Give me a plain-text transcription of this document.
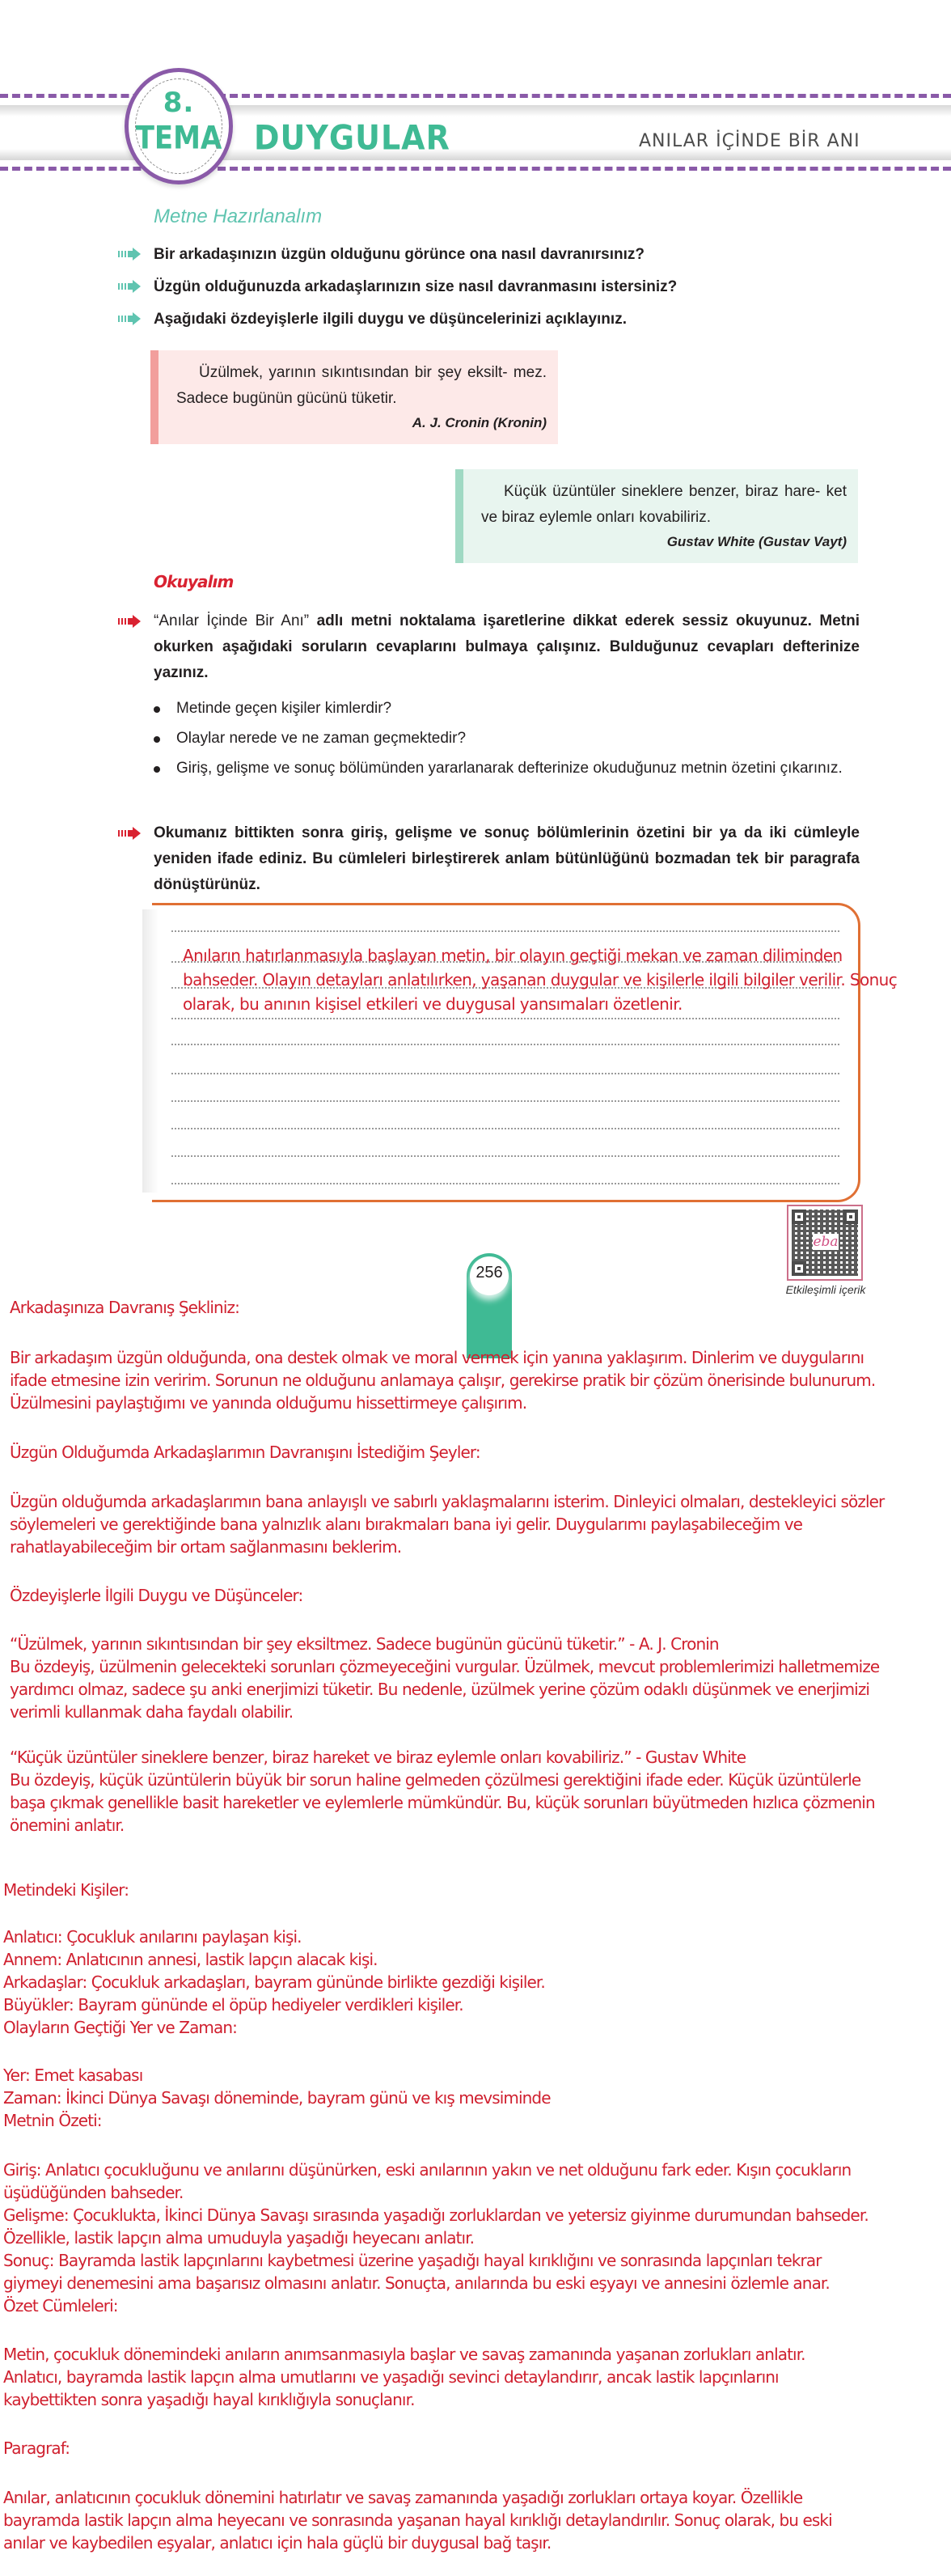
8.
TEMA DUYGULAR	ANILAR İÇİNDE BİR ANI
Metne Hazırlanalım
Bir arkadaşınızın üzgün olduğunu görünce ona nasıl davranırsınız?
Üzgün olduğunuzda arkadaşlarınızın size nasıl davranmasını istersiniz?
Aşağıdaki özdeyişlerle ilgili duygu ve düşüncelerinizi açıklayınız.
Üzülmek, yarının sıkıntısından bir şey eksilt- mez. Sadece bugünün gücünü tüketir.
A. J. Cronin (Kronin)
Küçük üzüntüler sineklere benzer, biraz hare- ket ve biraz eylemle onları kovabiliriz.
Gustav White (Gustav Vayt)
Okuyalım
“Anılar İçinde Bir Anı” adlı metni noktalama işaretlerine dikkat ederek sessiz okuyunuz. Metni okurken aşağıdaki soruların cevaplarını bulmaya çalışınız. Bulduğunuz cevapları defterinize yazınız.
Metinde geçen kişiler kimlerdir?
Olaylar nerede ve ne zaman geçmektedir?
Giriş, gelişme ve sonuç bölümünden yararlanarak defterinize okuduğunuz metnin özetini çıkarınız.
Okumanız bittikten sonra giriş, gelişme ve sonuç bölümlerinin özetini bir ya da iki cümleyle yeniden ifade ediniz. Bu cümleleri birleştirerek anlam bütünlüğünü bozmadan tek bir paragrafa dönüştürünüz.
Anıların hatırlanmasıyla başlayan metin, bir olayın geçtiği mekan ve zaman diliminden
bahseder. Olayın detayları anlatılırken, yaşanan duygular ve kişilerle ilgili bilgiler verilir. Sonuç
olarak, bu anının kişisel etkileri ve duygusal yansımaları özetlenir.
eba
Etkileşimli içerik
256
Arkadaşınıza Davranış Şekliniz:
Bir arkadaşım üzgün olduğunda, ona destek olmak ve moral vermek için yanına yaklaşırım. Dinlerim ve duygularını
ifade etmesine izin veririm. Sorunun ne olduğunu anlamaya çalışır, gerekirse pratik bir çözüm önerisinde bulunurum.
Üzülmesini paylaştığımı ve yanında olduğumu hissettirmeye çalışırım.
Üzgün Olduğumda Arkadaşlarımın Davranışını İstediğim Şeyler:
Üzgün olduğumda arkadaşlarımın bana anlayışlı ve sabırlı yaklaşmalarını isterim. Dinleyici olmaları, destekleyici sözler
söylemeleri ve gerektiğinde bana yalnızlık alanı bırakmaları bana iyi gelir. Duygularımı paylaşabileceğim ve
rahatlayabileceğim bir ortam sağlanmasını beklerim.
Özdeyişlerle İlgili Duygu ve Düşünceler:
“Üzülmek, yarının sıkıntısından bir şey eksiltmez. Sadece bugünün gücünü tüketir.” - A. J. Cronin
Bu özdeyiş, üzülmenin gelecekteki sorunları çözmeyeceğini vurgular. Üzülmek, mevcut problemlerimizi halletmemize
yardımcı olmaz, sadece şu anki enerjimizi tüketir. Bu nedenle, üzülmek yerine çözüm odaklı düşünmek ve enerjimizi
verimli kullanmak daha faydalı olabilir.
“Küçük üzüntüler sineklere benzer, biraz hareket ve biraz eylemle onları kovabiliriz.” - Gustav White
Bu özdeyiş, küçük üzüntülerin büyük bir sorun haline gelmeden çözülmesi gerektiğini ifade eder. Küçük üzüntülerle
başa çıkmak genellikle basit hareketler ve eylemlerle mümkündür. Bu, küçük sorunları büyütmeden hızlıca çözmenin
önemini anlatır.
Metindeki Kişiler:
Anlatıcı: Çocukluk anılarını paylaşan kişi.
Annem: Anlatıcının annesi, lastik lapçın alacak kişi.
Arkadaşlar: Çocukluk arkadaşları, bayram gününde birlikte gezdiği kişiler.
Büyükler: Bayram gününde el öpüp hediyeler verdikleri kişiler.
Olayların Geçtiği Yer ve Zaman:
Yer: Emet kasabası
Zaman: İkinci Dünya Savaşı döneminde, bayram günü ve kış mevsiminde
Metnin Özeti:
Giriş: Anlatıcı çocukluğunu ve anılarını düşünürken, eski anılarının yakın ve net olduğunu fark eder. Kışın çocukların
üşüdüğünden bahseder.
Gelişme: Çocuklukta, İkinci Dünya Savaşı sırasında yaşadığı zorluklardan ve yetersiz giyinme durumundan bahseder.
Özellikle, lastik lapçın alma umuduyla yaşadığı heyecanı anlatır.
Sonuç: Bayramda lastik lapçınlarını kaybetmesi üzerine yaşadığı hayal kırıklığını ve sonrasında lapçınları tekrar
giymeyi denemesini ama başarısız olmasını anlatır. Sonuçta, anılarında bu eski eşyayı ve annesini özlemle anar.
Özet Cümleleri:
Metin, çocukluk dönemindeki anıların anımsanmasıyla başlar ve savaş zamanında yaşanan zorlukları anlatır.
Anlatıcı, bayramda lastik lapçın alma umutlarını ve yaşadığı sevinci detaylandırır, ancak lastik lapçınlarını
kaybettikten sonra yaşadığı hayal kırıklığıyla sonuçlanır.
Paragraf:
Anılar, anlatıcının çocukluk dönemini hatırlatır ve savaş zamanında yaşadığı zorlukları ortaya koyar. Özellikle
bayramda lastik lapçın alma heyecanı ve sonrasında yaşanan hayal kırıklığı detaylandırılır. Sonuç olarak, bu eski
anılar ve kaybedilen eşyalar, anlatıcı için hala güçlü bir duygusal bağ taşır.
